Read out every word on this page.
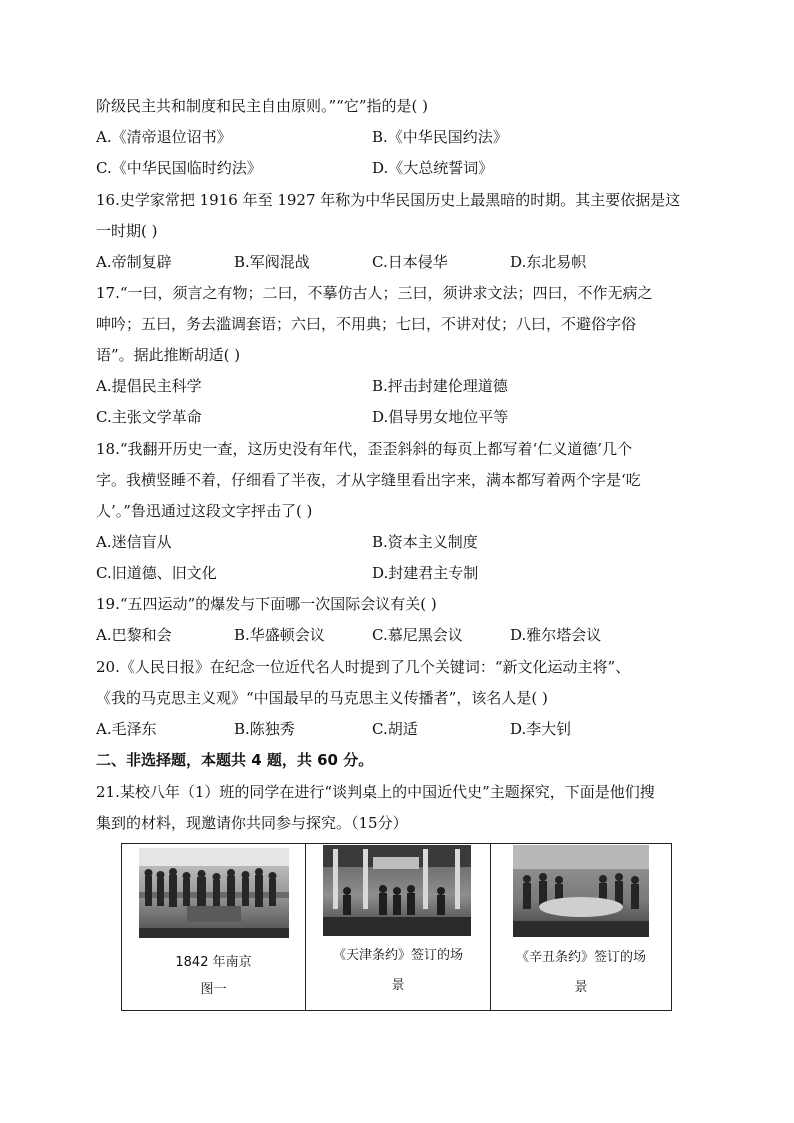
阶级民主共和制度和民主自由原则。”“它”指的是( )
A.《清帝退位诏书》	B.《中华民国约法》
C.《中华民国临时约法》	D.《大总统誓词》
16.史学家常把 1916 年至 1927 年称为中华民国历史上最黑暗的时期。其主要依据是这
一时期( )
A.帝制复辟	B.军阀混战	C.日本侵华	D.东北易帜
17.“一曰，须言之有物；二曰，不摹仿古人；三曰，须讲求文法；四曰，不作无病之
呻吟；五曰，务去滥调套语；六曰，不用典；七曰，不讲对仗；八曰，不避俗字俗
语”。据此推断胡适( )
A.提倡民主科学	B.抨击封建伦理道德
C.主张文学革命	D.倡导男女地位平等
18.“我翻开历史一查，这历史没有年代，歪歪斜斜的每页上都写着‘仁义道德’几个
字。我横竖睡不着，仔细看了半夜，才从字缝里看出字来，满本都写着两个字是‘吃
人’。”鲁迅通过这段文字抨击了( )
A.迷信盲从	B.资本主义制度
C.旧道德、旧文化	D.封建君主专制
19.“五四运动”的爆发与下面哪一次国际会议有关( )
A.巴黎和会	B.华盛顿会议	C.慕尼黑会议	D.雅尔塔会议
20.《人民日报》在纪念一位近代名人时提到了几个关键词：“新文化运动主将”、
《我的马克思主义观》“中国最早的马克思主义传播者”，该名人是( )
A.毛泽东	B.陈独秀	C.胡适	D.李大钊
二、非选择题，本题共 4 题，共 60 分。
21.某校八年（1）班的同学在进行“谈判桌上的中国近代史”主题探究，下面是他们搜
集到的材料，现邀请你共同参与探究。（15分）
1842 年南京
图一
《天津条约》签订的场
景
《辛丑条约》签订的场
景
